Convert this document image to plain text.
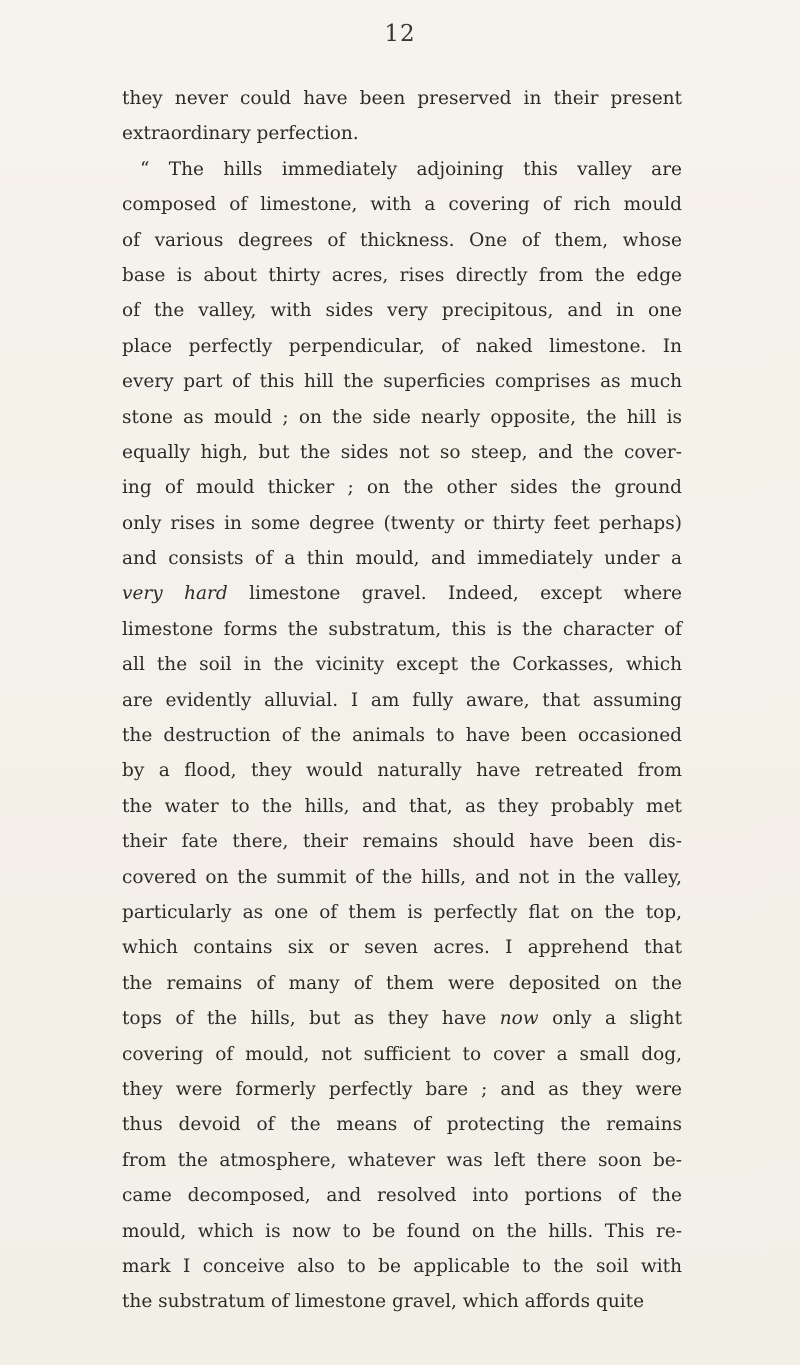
12
they never could have been preserved in their present
extraordinary perfection.
“ The hills immediately adjoining this valley are
composed of limestone, with a covering of rich mould
of various degrees of thickness. One of them, whose
base is about thirty acres, rises directly from the edge
of the valley, with sides very precipitous, and in one
place perfectly perpendicular, of naked limestone. In
every part of this hill the superficies comprises as much
stone as mould ; on the side nearly opposite, the hill is
equally high, but the sides not so steep, and the cover-
ing of mould thicker ; on the other sides the ground
only rises in some degree (twenty or thirty feet perhaps)
and consists of a thin mould, and immediately under a
very hard limestone gravel. Indeed, except where
limestone forms the substratum, this is the character of
all the soil in the vicinity except the Corkasses, which
are evidently alluvial. I am fully aware, that assuming
the destruction of the animals to have been occasioned
by a flood, they would naturally have retreated from
the water to the hills, and that, as they probably met
their fate there, their remains should have been dis-
covered on the summit of the hills, and not in the valley,
particularly as one of them is perfectly flat on the top,
which contains six or seven acres. I apprehend that
the remains of many of them were deposited on the
tops of the hills, but as they have now only a slight
covering of mould, not sufficient to cover a small dog,
they were formerly perfectly bare ; and as they were
thus devoid of the means of protecting the remains
from the atmosphere, whatever was left there soon be-
came decomposed, and resolved into portions of the
mould, which is now to be found on the hills. This re-
mark I conceive also to be applicable to the soil with
the substratum of limestone gravel, which affords quite
